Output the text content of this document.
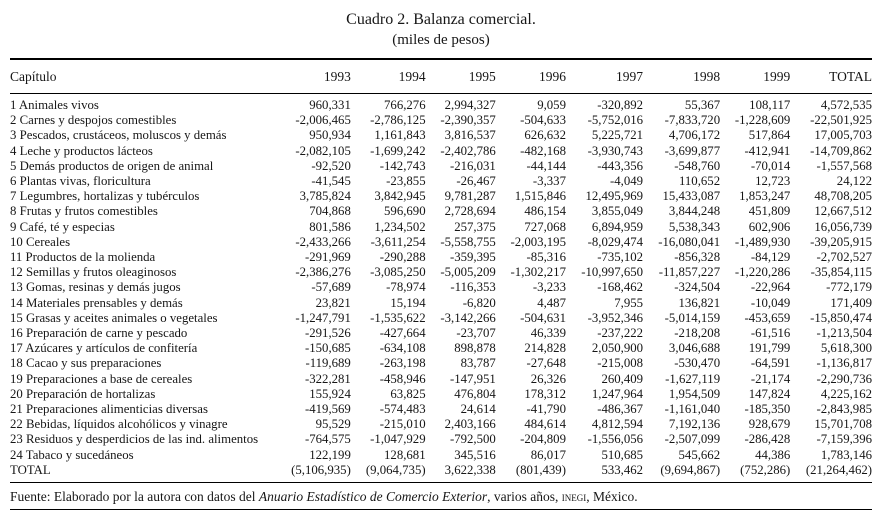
Cuadro 2. Balanza comercial.
(miles de pesos)
Capítulo	1993	1994	1995	1996	1997	1998	1999	TOTAL
1 Animales vivos	960,331	766,276	2,994,327	9,059	-320,892	55,367	108,117	4,572,535
2 Carnes y despojos comestibles	-2,006,465	-2,786,125	-2,390,357	-504,633	-5,752,016	-7,833,720	-1,228,609	-22,501,925
3 Pescados, crustáceos, moluscos y demás	950,934	1,161,843	3,816,537	626,632	5,225,721	4,706,172	517,864	17,005,703
4 Leche y productos lácteos	-2,082,105	-1,699,242	-2,402,786	-482,168	-3,930,743	-3,699,877	-412,941	-14,709,862
5 Demás productos de origen de animal	-92,520	-142,743	-216,031	-44,144	-443,356	-548,760	-70,014	-1,557,568
6 Plantas vivas, floricultura	-41,545	-23,855	-26,467	-3,337	-4,049	110,652	12,723	24,122
7 Legumbres, hortalizas y tubérculos	3,785,824	3,842,945	9,781,287	1,515,846	12,495,969	15,433,087	1,853,247	48,708,205
8 Frutas y frutos comestibles	704,868	596,690	2,728,694	486,154	3,855,049	3,844,248	451,809	12,667,512
9 Café, té y especias	801,586	1,234,502	257,375	727,068	6,894,959	5,538,343	602,906	16,056,739
10 Cereales	-2,433,266	-3,611,254	-5,558,755	-2,003,195	-8,029,474	-16,080,041	-1,489,930	-39,205,915
11 Productos de la molienda	-291,969	-290,288	-359,395	-85,316	-735,102	-856,328	-84,129	-2,702,527
12 Semillas y frutos oleaginosos	-2,386,276	-3,085,250	-5,005,209	-1,302,217	-10,997,650	-11,857,227	-1,220,286	-35,854,115
13 Gomas, resinas y demás jugos	-57,689	-78,974	-116,353	-3,233	-168,462	-324,504	-22,964	-772,179
14 Materiales prensables y demás	23,821	15,194	-6,820	4,487	7,955	136,821	-10,049	171,409
15 Grasas y aceites animales o vegetales	-1,247,791	-1,535,622	-3,142,266	-504,631	-3,952,346	-5,014,159	-453,659	-15,850,474
16 Preparación de carne y pescado	-291,526	-427,664	-23,707	46,339	-237,222	-218,208	-61,516	-1,213,504
17 Azúcares y artículos de confitería	-150,685	-634,108	898,878	214,828	2,050,900	3,046,688	191,799	5,618,300
18 Cacao y sus preparaciones	-119,689	-263,198	83,787	-27,648	-215,008	-530,470	-64,591	-1,136,817
19 Preparaciones a base de cereales	-322,281	-458,946	-147,951	26,326	260,409	-1,627,119	-21,174	-2,290,736
20 Preparación de hortalizas	155,924	63,825	476,804	178,312	1,247,964	1,954,509	147,824	4,225,162
21 Preparaciones alimenticias diversas	-419,569	-574,483	24,614	-41,790	-486,367	-1,161,040	-185,350	-2,843,985
22 Bebidas, líquidos alcohólicos y vinagre	95,529	-215,010	2,403,166	484,614	4,812,594	7,192,136	928,679	15,701,708
23 Residuos y desperdicios de las ind. alimentos	-764,575	-1,047,929	-792,500	-204,809	-1,556,056	-2,507,099	-286,428	-7,159,396
24 Tabaco y sucedáneos	122,199	128,681	345,516	86,017	510,685	545,662	44,386	1,783,146
TOTAL	(5,106,935)	(9,064,735)	3,622,338	(801,439)	533,462	(9,694,867)	(752,286)	(21,264,462)
Fuente: Elaborado por la autora con datos del Anuario Estadístico de Comercio Exterior, varios años, inegi, México.
